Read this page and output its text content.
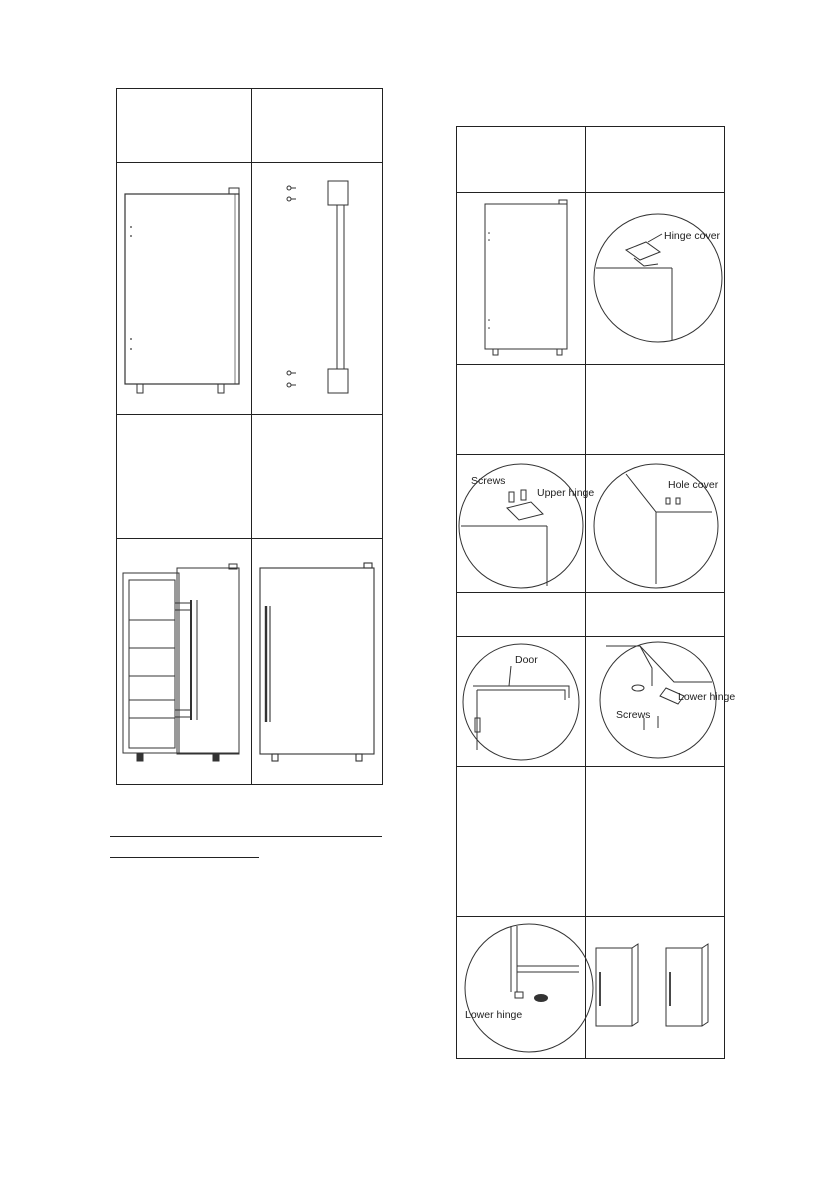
Hinge cover

Screws
Upper hinge	Hole cover

Door	Lower hinge
Screws

Lower hinge
